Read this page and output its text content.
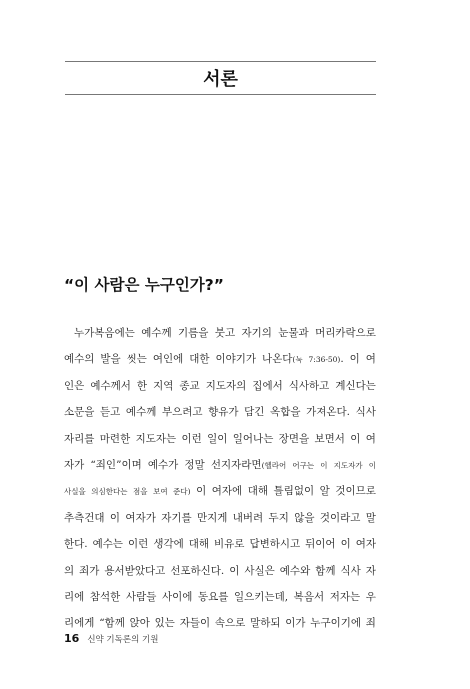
서론
“이 사람은 누구인가?”
누가복음에는 예수께 기름을 붓고 자기의 눈물과 머리카락으로
예수의 발을 씻는 여인에 대한 이야기가 나온다(눅 7:36-50). 이 여
인은 예수께서 한 지역 종교 지도자의 집에서 식사하고 계신다는
소문을 듣고 예수께 부으려고 향유가 담긴 옥합을 가져온다. 식사
자리를 마련한 지도자는 이런 일이 일어나는 장면을 보면서 이 여
자가 “죄인”이며 예수가 정말 선지자라면(헬라어 어구는 이 지도자가 이
사실을 의심한다는 점을 보여 준다) 이 여자에 대해 틀림없이 알 것이므로
추측건대 이 여자가 자기를 만지게 내버려 두지 않을 것이라고 말
한다. 예수는 이런 생각에 대해 비유로 답변하시고 뒤이어 이 여자
의 죄가 용서받았다고 선포하신다. 이 사실은 예수와 함께 식사 자
리에 참석한 사람들 사이에 동요를 일으키는데, 복음서 저자는 우
리에게 “함께 앉아 있는 자들이 속으로 말하되 이가 누구이기에 죄
16 신약 기독론의 기원
